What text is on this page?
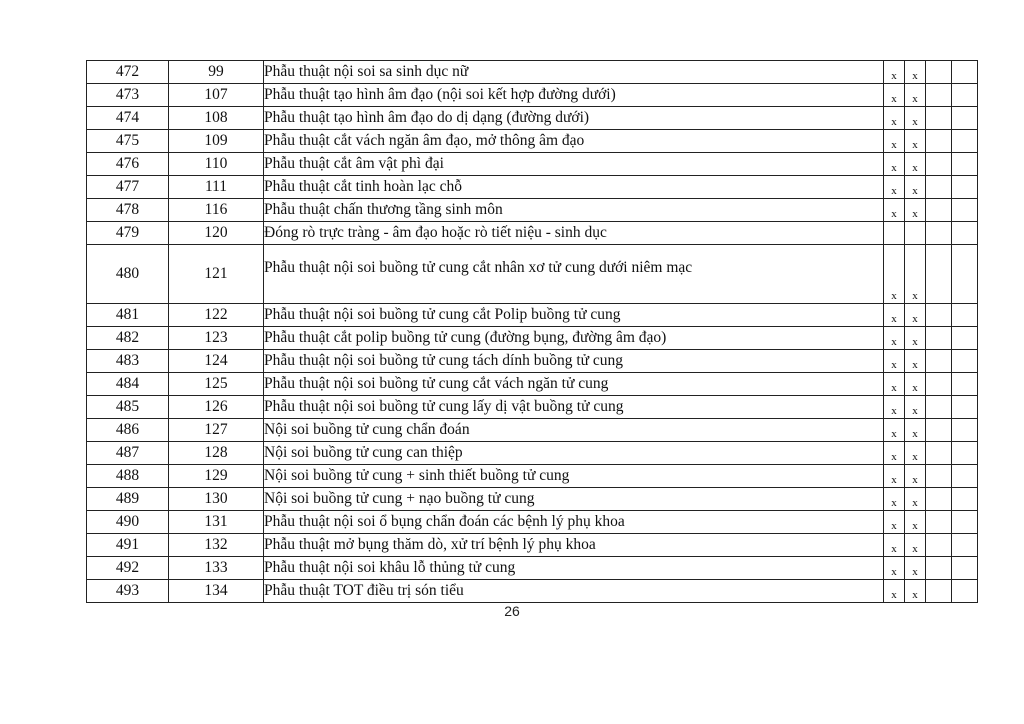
472	99	Phẫu thuật nội soi sa sinh dục nữ	x	x		
473	107	Phẫu thuật tạo hình âm đạo (nội soi kết hợp đường dưới)	x	x		
474	108	Phẫu thuật tạo hình âm đạo do dị dạng (đường dưới)	x	x		
475	109	Phẫu thuật cắt vách ngăn âm đạo, mở thông âm đạo	x	x		
476	110	Phẫu thuật cắt âm vật phì đại	x	x		
477	111	Phẫu thuật cắt tinh hoàn lạc chỗ	x	x		
478	116	Phẫu thuật chấn thương tầng sinh môn	x	x		
479	120	Đóng rò trực tràng - âm đạo hoặc rò tiết niệu - sinh dục				
480	121	Phẫu thuật nội soi buồng tử cung cắt nhân xơ tử cung dưới niêm mạc	x	x		
481	122	Phẫu thuật nội soi buồng tử cung cắt Polip buồng tử cung	x	x		
482	123	Phẫu thuật cắt polip buồng tử cung (đường bụng, đường âm đạo)	x	x		
483	124	Phẫu thuật nội soi buồng tử cung tách dính buồng tử cung	x	x		
484	125	Phẫu thuật nội soi buồng tử cung cắt vách ngăn tử cung	x	x		
485	126	Phẫu thuật nội soi buồng tử cung lấy dị vật buồng tử cung	x	x		
486	127	Nội soi buồng tử cung chẩn đoán	x	x		
487	128	Nội soi buồng tử cung can thiệp	x	x		
488	129	Nội soi buồng tử cung + sinh thiết buồng tử cung	x	x		
489	130	Nội soi buồng tử cung + nạo buồng tử cung	x	x		
490	131	Phẫu thuật nội soi ổ bụng chẩn đoán các bệnh lý phụ khoa	x	x		
491	132	Phẫu thuật mở bụng thăm dò, xử trí bệnh lý phụ khoa	x	x		
492	133	Phẫu thuật nội soi khâu lỗ thủng tử cung	x	x		
493	134	Phẫu thuật TOT điều trị són tiểu	x	x		
26
